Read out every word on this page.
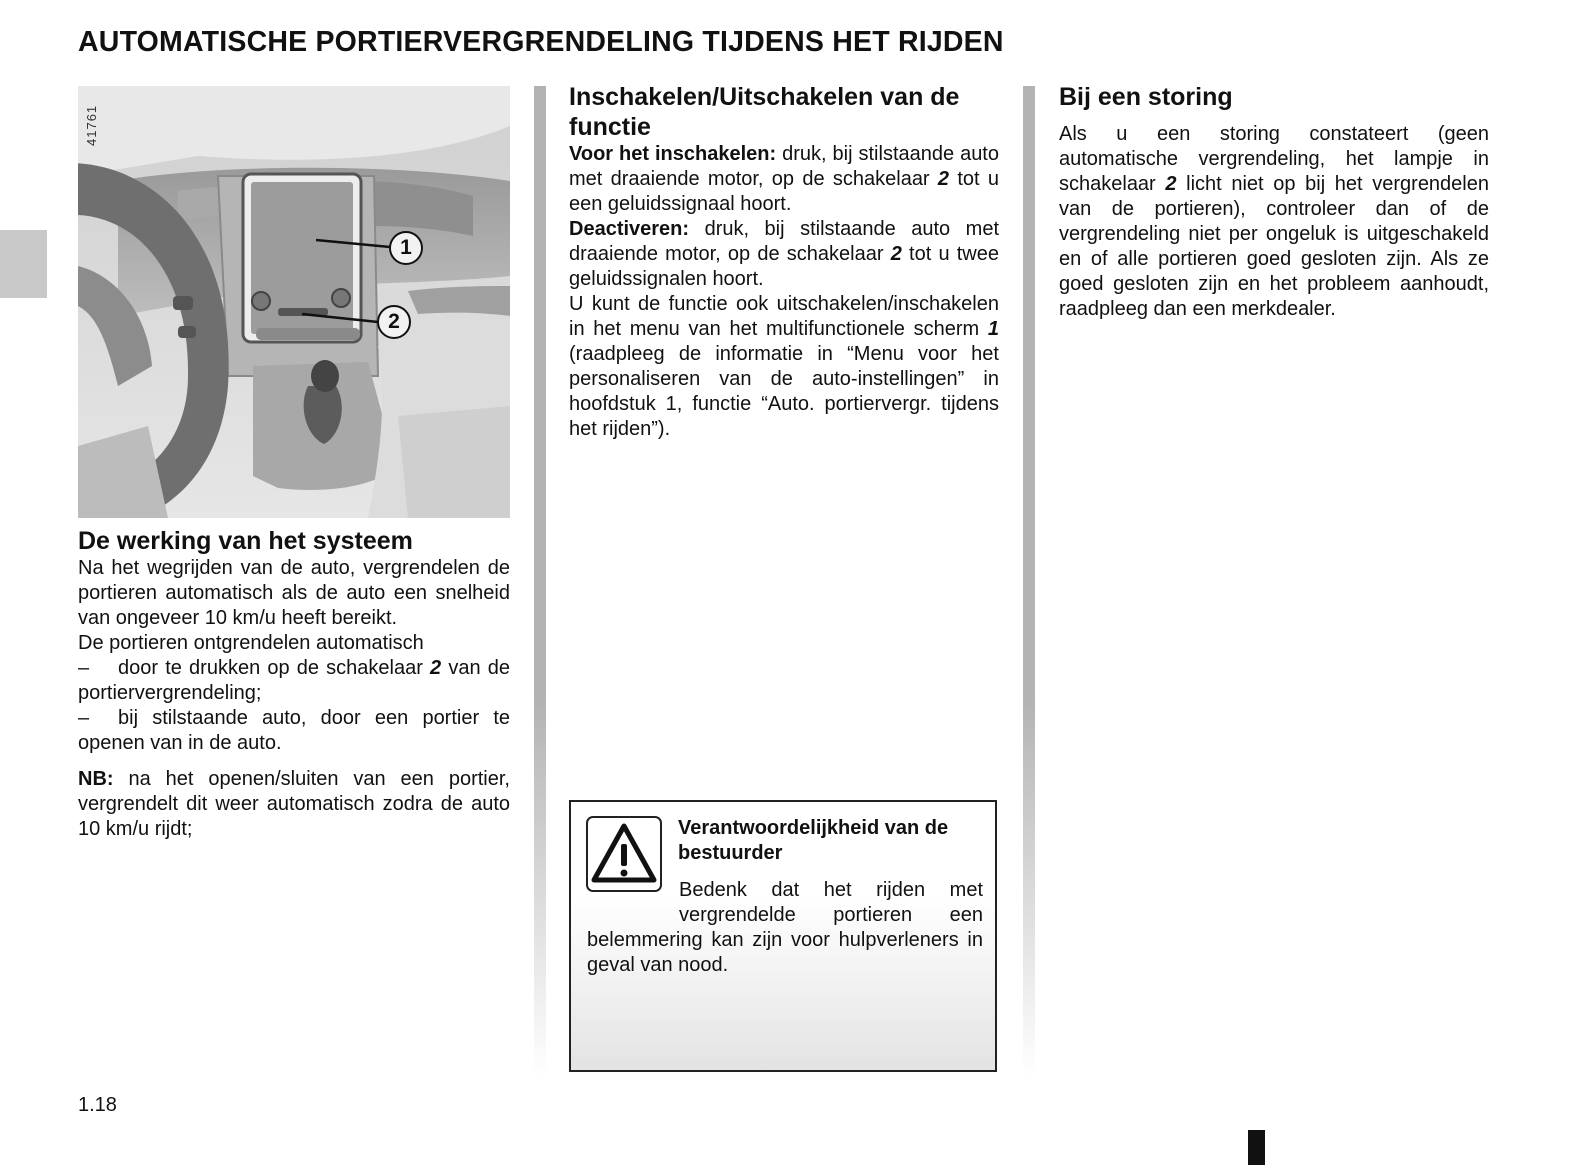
AUTOMATISCHE PORTIERVERGRENDELING TIJDENS HET RIJDEN
41761
1
2
De werking van het systeem

Na het wegrijden van de auto, vergrendelen de portieren automatisch als de auto een snelheid van ongeveer 10 km/u heeft bereikt.

De portieren ontgrendelen automatisch

– door te drukken op de schakelaar 2 van de portiervergrendeling;

– bij stilstaande auto, door een portier te openen van in de auto.

NB: na het openen/sluiten van een portier, vergrendelt dit weer automatisch zodra de auto 10 km/u rijdt;

Inschakelen/Uitschakelen van de functie

Voor het inschakelen: druk, bij stilstaande auto met draaiende motor, op de schakelaar 2 tot u een geluidssignaal hoort.

Deactiveren: druk, bij stilstaande auto met draaiende motor, op de schakelaar 2 tot u twee geluidssignalen hoort.

U kunt de functie ook uitschakelen/inschakelen in het menu van het multifunctionele scherm 1 (raadpleeg de informatie in “Menu voor het personaliseren van de auto-instellingen” in hoofdstuk 1, functie “Auto. portiervergr. tijdens het rijden”).

Verantwoordelijkheid van de bestuurder
Bedenk dat het rijden met vergrendelde portieren een belemmering kan zijn voor hulpverleners in geval van nood.
Bij een storing

Als u een storing constateert (geen automatische vergrendeling, het lampje in schakelaar 2 licht niet op bij het vergrendelen van de portieren), controleer dan of de vergrendeling niet per ongeluk is uitgeschakeld en of alle portieren goed gesloten zijn. Als ze goed gesloten zijn en het probleem aanhoudt, raadpleeg dan een merkdealer.

1.18
